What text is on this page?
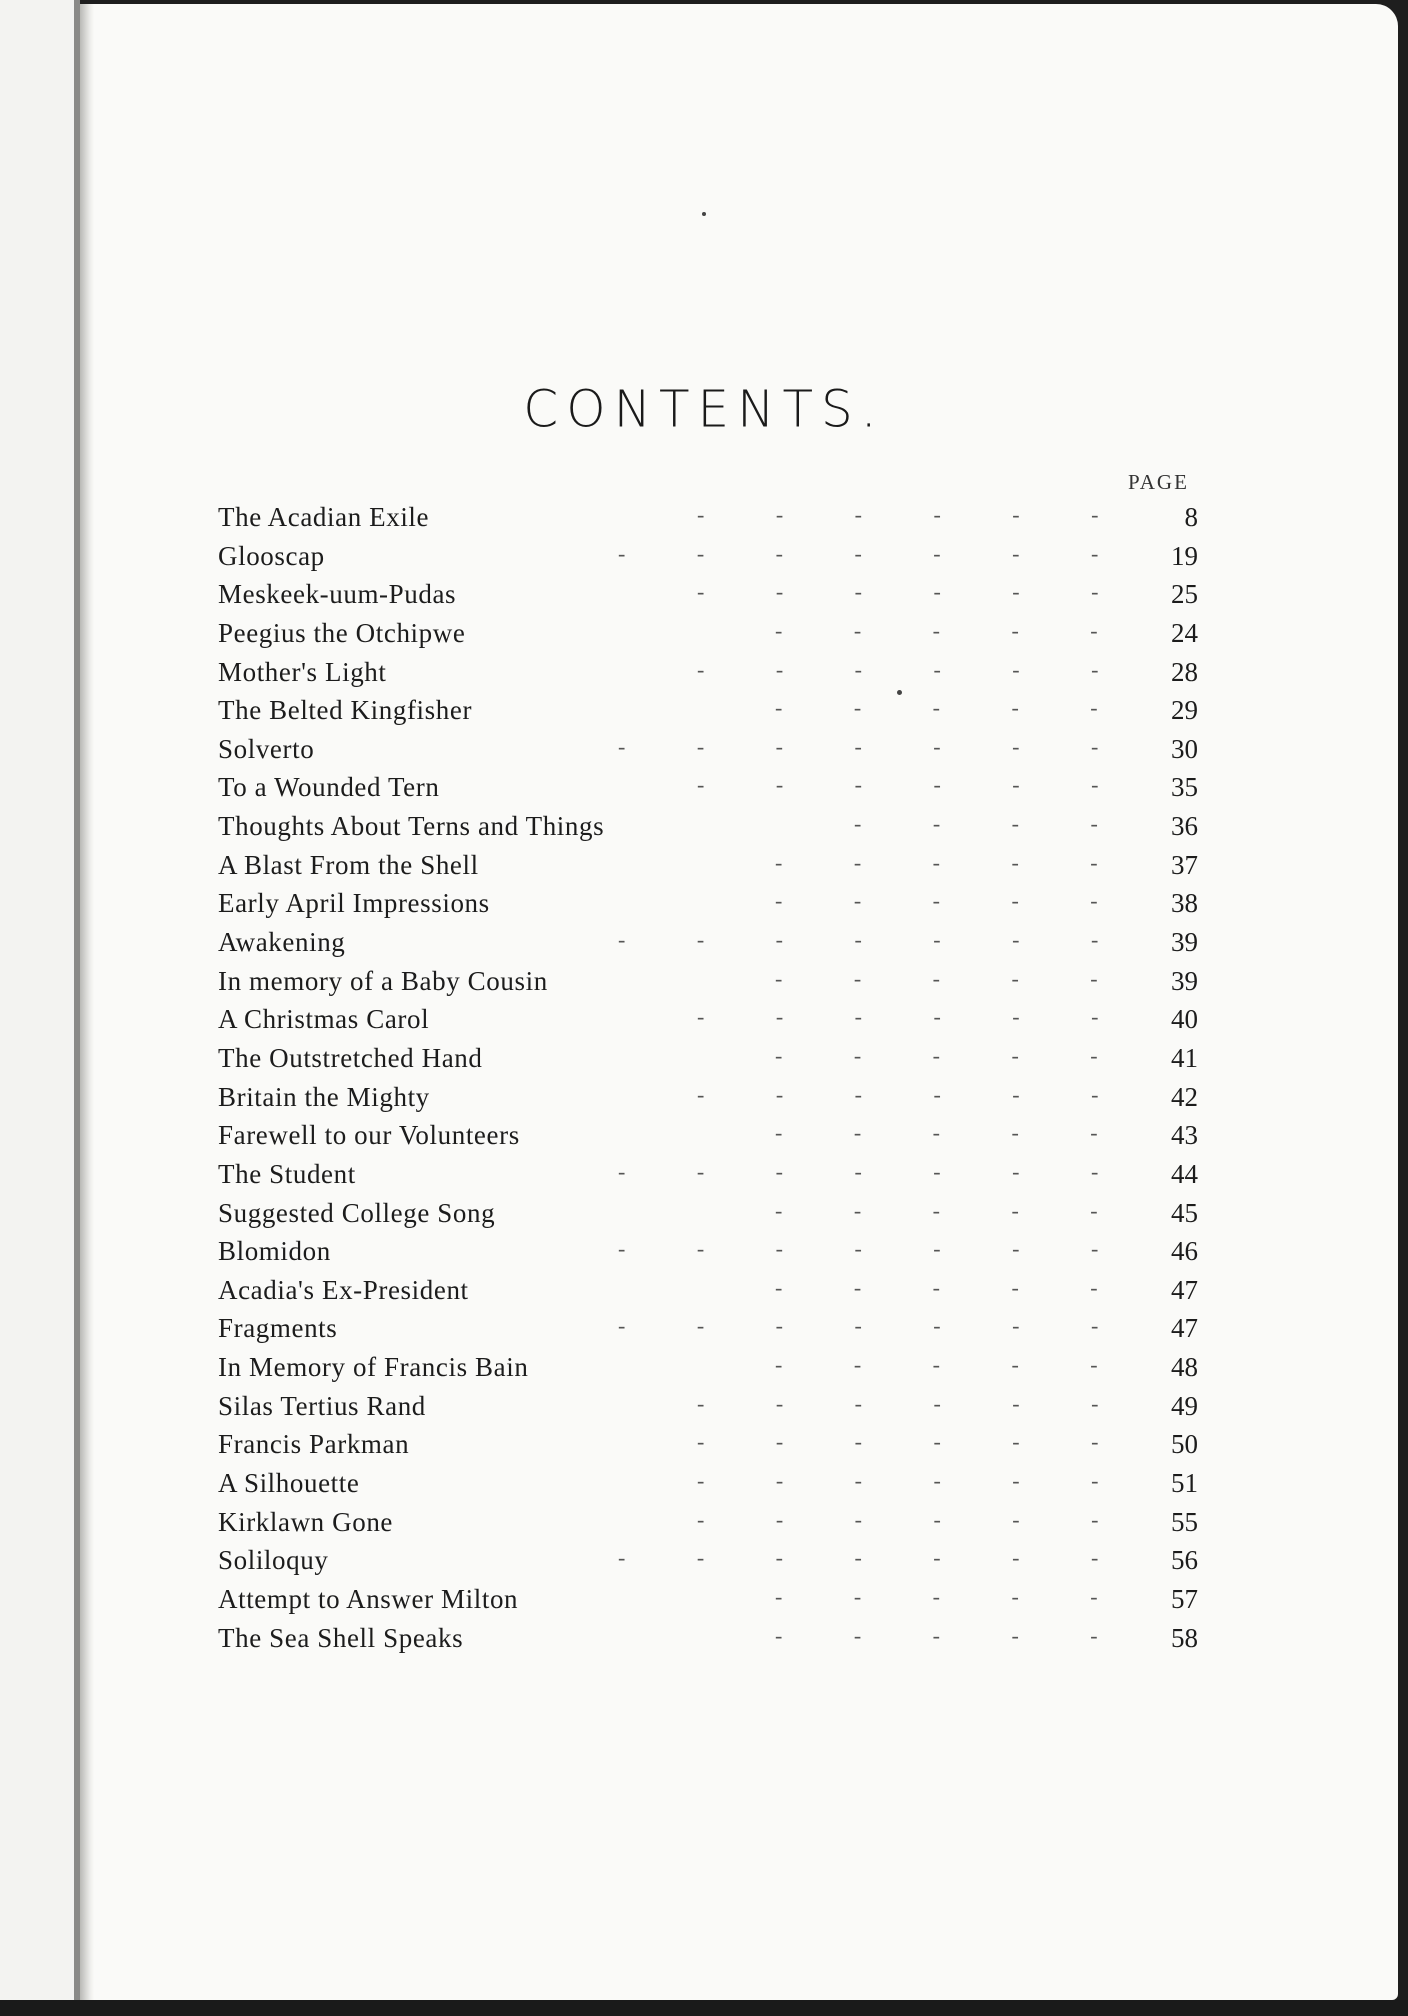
CONTENTS.
PAGE
The Acadian Exile	-             -             -             -             -             -	8
Glooscap	-             -             -             -             -             -             -	19
Meskeek-uum-Pudas	-             -             -             -             -             -	25
Peegius the Otchipwe	-             -             -             -             -	24
Mother's Light	-             -             -             -             -             -	28
The Belted Kingfisher	-             -             -             -             -	29
Solverto	-             -             -             -             -             -             -	30
To a Wounded Tern	-             -             -             -             -             -	35
Thoughts About Terns and Things	-             -             -             -	36
A Blast From the Shell	-             -             -             -             -	37
Early April Impressions	-             -             -             -             -	38
Awakening	-             -             -             -             -             -             -	39
In memory of a Baby Cousin	-             -             -             -             -	39
A Christmas Carol	-             -             -             -             -             -	40
The Outstretched Hand	-             -             -             -             -	41
Britain the Mighty	-             -             -             -             -             -	42
Farewell to our Volunteers	-             -             -             -             -	43
The Student	-             -             -             -             -             -             -	44
Suggested College Song	-             -             -             -             -	45
Blomidon	-             -             -             -             -             -             -	46
Acadia's Ex-President	-             -             -             -             -	47
Fragments	-             -             -             -             -             -             -	47
In Memory of Francis Bain	-             -             -             -             -	48
Silas Tertius Rand	-             -             -             -             -             -	49
Francis Parkman	-             -             -             -             -             -	50
A Silhouette	-             -             -             -             -             -	51
Kirklawn Gone	-             -             -             -             -             -	55
Soliloquy	-             -             -             -             -             -             -	56
Attempt to Answer Milton	-             -             -             -             -	57
The Sea Shell Speaks	-             -             -             -             -	58
